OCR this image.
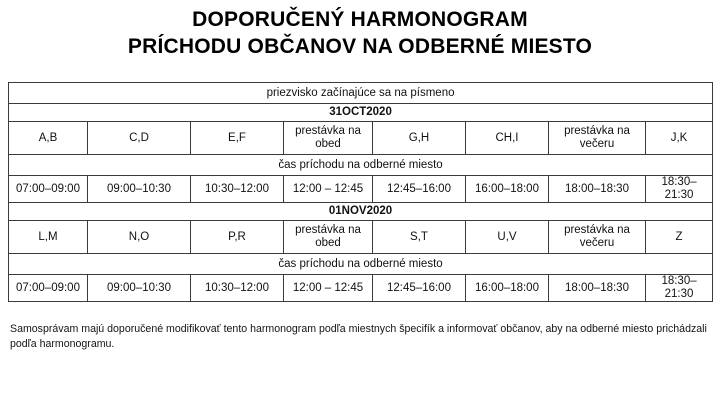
DOPORUČENÝ HARMONOGRAM
PRÍCHODU OBČANOV NA ODBERNÉ MIESTO
priezvisko začínajúce sa na písmeno							
31OCT2020							
A,B	C,D	E,F	prestávka na obed	G,H	CH,I	prestávka na večeru	J,K
čas príchodu na odberné miesto							
07:00–09:00	09:00–10:30	10:30–12:00	12:00 – 12:45	12:45–16:00	16:00–18:00	18:00–18:30	18:30–21:30
01NOV2020							
L,M	N,O	P,R	prestávka na obed	S,T	U,V	prestávka na večeru	Z
čas príchodu na odberné miesto							
07:00–09:00	09:00–10:30	10:30–12:00	12:00 – 12:45	12:45–16:00	16:00–18:00	18:00–18:30	18:30–21:30
Samosprávam majú doporučené modifikovať tento harmonogram podľa miestnych špecifík a informovať občanov, aby na odberné miesto prichádzali podľa harmonogramu.
